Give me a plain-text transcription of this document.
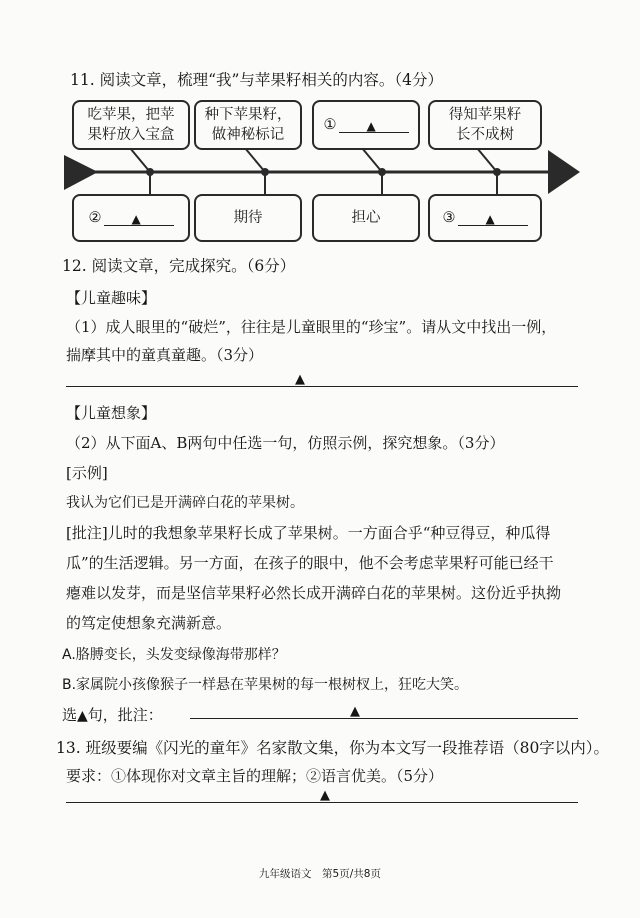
11. 阅读文章，梳理“我”与苹果籽相关的内容。（4分）
吃苹果，把苹
果籽放入宝盒
种下苹果籽，
做神秘标记
①
▲
得知苹果籽
长不成树
②
▲	期待	担心	③
▲
12. 阅读文章，完成探究。（6分）
【儿童趣味】
（1）成人眼里的“破烂”，往往是儿童眼里的“珍宝”。请从文中找出一例，
揣摩其中的童真童趣。（3分）
▲
【儿童想象】
（2）从下面A、B两句中任选一句，仿照示例，探究想象。（3分）
[示例]
我认为它们已是开满碎白花的苹果树。
[批注]儿时的我想象苹果籽长成了苹果树。一方面合乎“种豆得豆，种瓜得
瓜”的生活逻辑。另一方面，在孩子的眼中，他不会考虑苹果籽可能已经干
瘪难以发芽，而是坚信苹果籽必然长成开满碎白花的苹果树。这份近乎执拗
的笃定使想象充满新意。
A.胳膊变长，头发变绿像海带那样？
B.家属院小孩像猴子一样悬在苹果树的每一根树杈上，狂吃大笑。
选▲句，批注：	▲
13. 班级要编《闪光的童年》名家散文集，你为本文写一段推荐语（80字以内）。
要求：①体现你对文章主旨的理解；②语言优美。（5分）
▲
九年级语文　第5页/共8页
